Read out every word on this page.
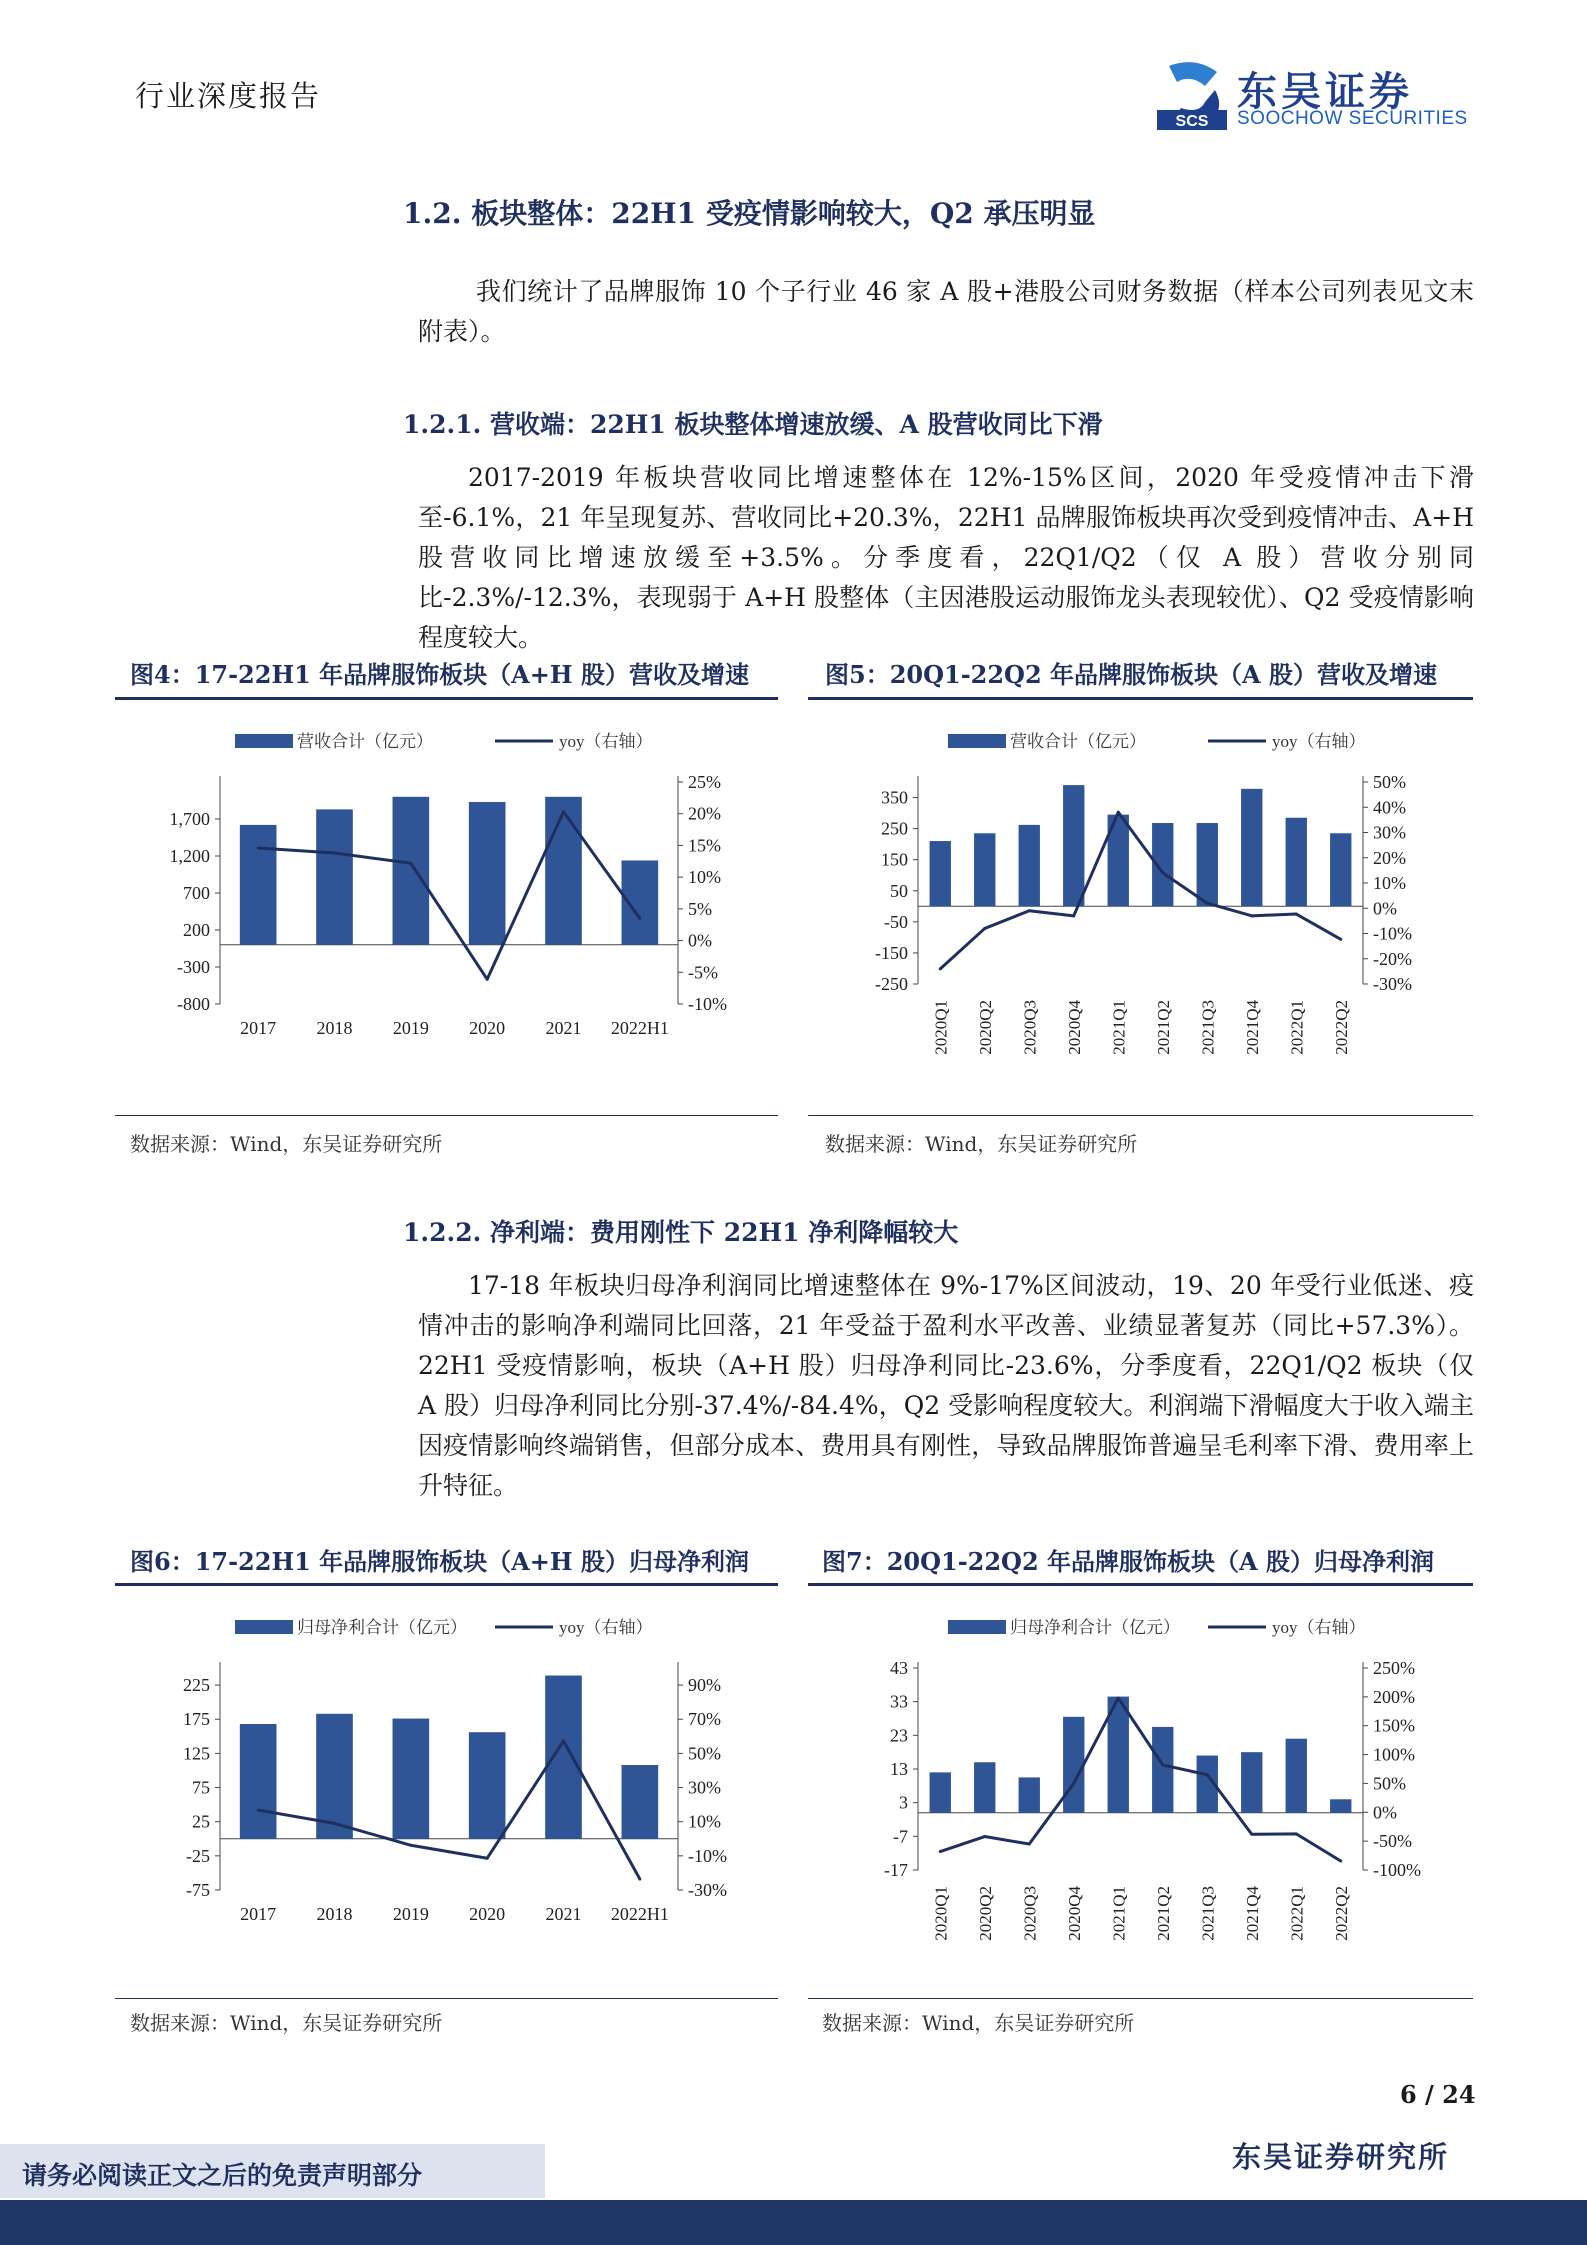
行业深度报告
SCS
东吴证券
SOOCHOW SECURITIES
1.2. 板块整体：22H1 受疫情影响较大，Q2 承压明显
我们统计了品牌服饰 10 个子行业 46 家 A 股+港股公司财务数据（样本公司列表见文末附表）。
1.2.1. 营收端：22H1 板块整体增速放缓、A 股营收同比下滑
2017-2019 年板块营收同比增速整体在 12%-15%区间，2020 年受疫情冲击下滑至-6.1%，21 年呈现复苏、营收同比+20.3%，22H1 品牌服饰板块再次受到疫情冲击、A+H 股营收同比增速放缓至+3.5%。分季度看，22Q1/Q2（仅 A 股）营收分别同比-2.3%/-12.3%，表现弱于 A+H 股整体（主因港股运动服饰龙头表现较优）、Q2 受疫情影响程度较大。
图4：17-22H1 年品牌服饰板块（A+H 股）营收及增速
营收合计（亿元）	yoy（右轴）
-800
-300
200
700
1,200
1,700
-10%
-5%
0%
5%
10%
15%
20%
25%
2017 2018 2019 2020 2021 2022H1
数据来源：Wind，东吴证券研究所
图5：20Q1-22Q2 年品牌服饰板块（A 股）营收及增速
营收合计（亿元）	yoy（右轴）
-250
-150
-50
50
150
250
350
-30%
-20%
-10%
0%
10%
20%
30%
40%
50%
2020Q1 2020Q2 2020Q3 2020Q4 2021Q1 2021Q2 2021Q3 2021Q4 2022Q1 2022Q2
数据来源：Wind，东吴证券研究所
1.2.2. 净利端：费用刚性下 22H1 净利降幅较大
17-18 年板块归母净利润同比增速整体在 9%-17%区间波动，19、20 年受行业低迷、疫情冲击的影响净利端同比回落，21 年受益于盈利水平改善、业绩显著复苏（同比+57.3%）。22H1 受疫情影响，板块（A+H 股）归母净利同比-23.6%，分季度看，22Q1/Q2 板块（仅 A 股）归母净利同比分别-37.4%/-84.4%，Q2 受影响程度较大。利润端下滑幅度大于收入端主因疫情影响终端销售，但部分成本、费用具有刚性，导致品牌服饰普遍呈毛利率下滑、费用率上升特征。
图6：17-22H1 年品牌服饰板块（A+H 股）归母净利润
归母净利合计（亿元）	yoy（右轴）
-75
-25
25
75
125
175
225
-30%
-10%
10%
30%
50%
70%
90%
2017 2018 2019 2020 2021 2022H1
数据来源：Wind，东吴证券研究所
图7：20Q1-22Q2 年品牌服饰板块（A 股）归母净利润
归母净利合计（亿元）	yoy（右轴）
-17
-7
3
13
23
33
43
-100%
-50%
0%
50%
100%
150%
200%
250%
2020Q1 2020Q2 2020Q3 2020Q4 2021Q1 2021Q2 2021Q3 2021Q4 2022Q1 2022Q2
数据来源：Wind，东吴证券研究所
6 / 24
请务必阅读正文之后的免责声明部分
东吴证券研究所
